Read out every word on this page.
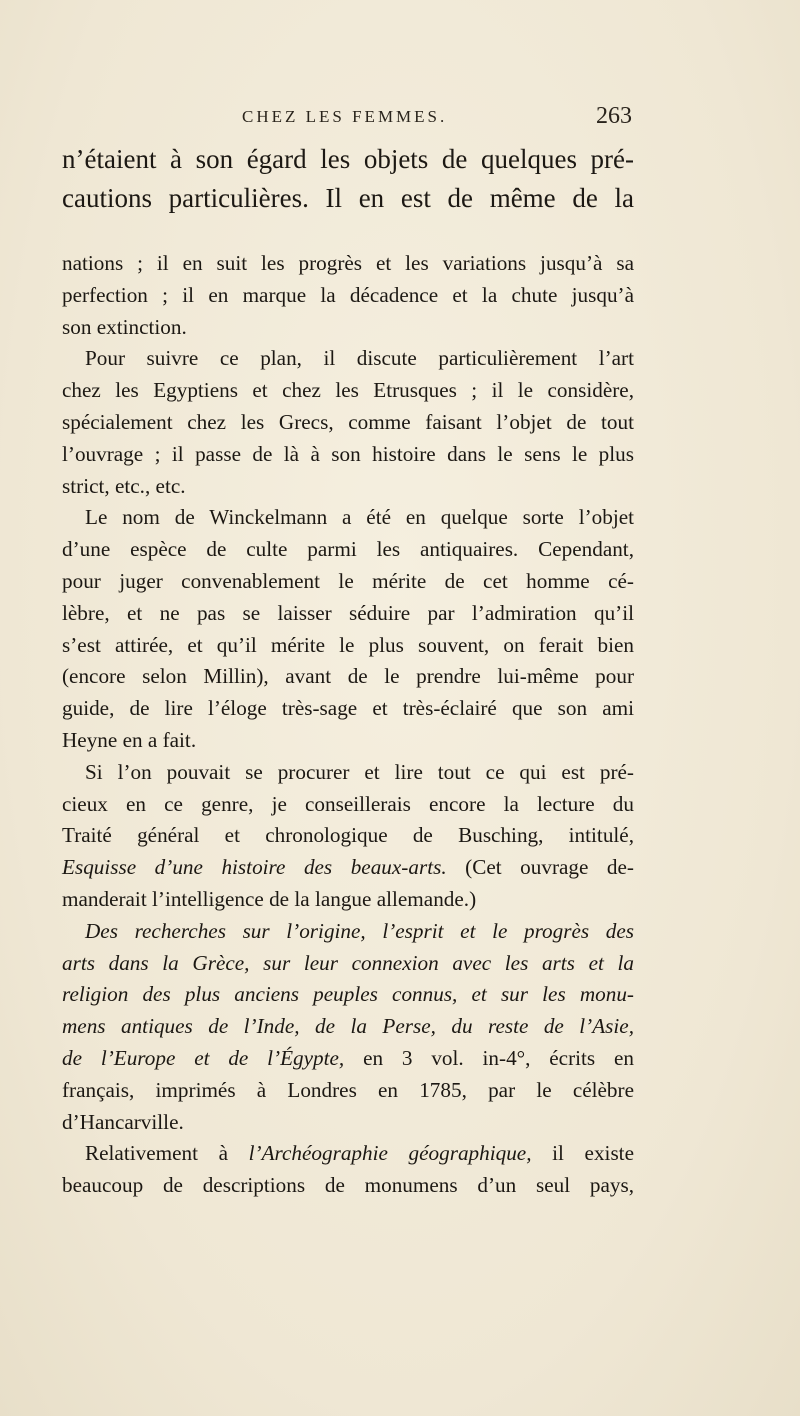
CHEZ LES FEMMES.	263
n’étaient à son égard les objets de quelques pré-
cautions particulières. Il en est de même de la
nations ; il en suit les progrès et les variations jusqu’à sa
perfection ; il en marque la décadence et la chute jusqu’à
son extinction.
Pour suivre ce plan, il discute particulièrement l’art
chez les Egyptiens et chez les Etrusques ; il le considère,
spécialement chez les Grecs, comme faisant l’objet de tout
l’ouvrage ; il passe de là à son histoire dans le sens le plus
strict, etc., etc.
Le nom de Winckelmann a été en quelque sorte l’objet
d’une espèce de culte parmi les antiquaires. Cependant,
pour juger convenablement le mérite de cet homme cé-
lèbre, et ne pas se laisser séduire par l’admiration qu’il
s’est attirée, et qu’il mérite le plus souvent, on ferait bien
(encore selon Millin), avant de le prendre lui-même pour
guide, de lire l’éloge très-sage et très-éclairé que son ami
Heyne en a fait.
Si l’on pouvait se procurer et lire tout ce qui est pré-
cieux en ce genre, je conseillerais encore la lecture du
Traité général et chronologique de Busching, intitulé,
Esquisse d’une histoire des beaux-arts. (Cet ouvrage de-
manderait l’intelligence de la langue allemande.)
Des recherches sur l’origine, l’esprit et le progrès des
arts dans la Grèce, sur leur connexion avec les arts et la
religion des plus anciens peuples connus, et sur les monu-
mens antiques de l’Inde, de la Perse, du reste de l’Asie,
de l’Europe et de l’Égypte, en 3 vol. in-4°, écrits en
français, imprimés à Londres en 1785, par le célèbre
d’Hancarville.
Relativement à l’Archéographie géographique, il existe
beaucoup de descriptions de monumens d’un seul pays,
